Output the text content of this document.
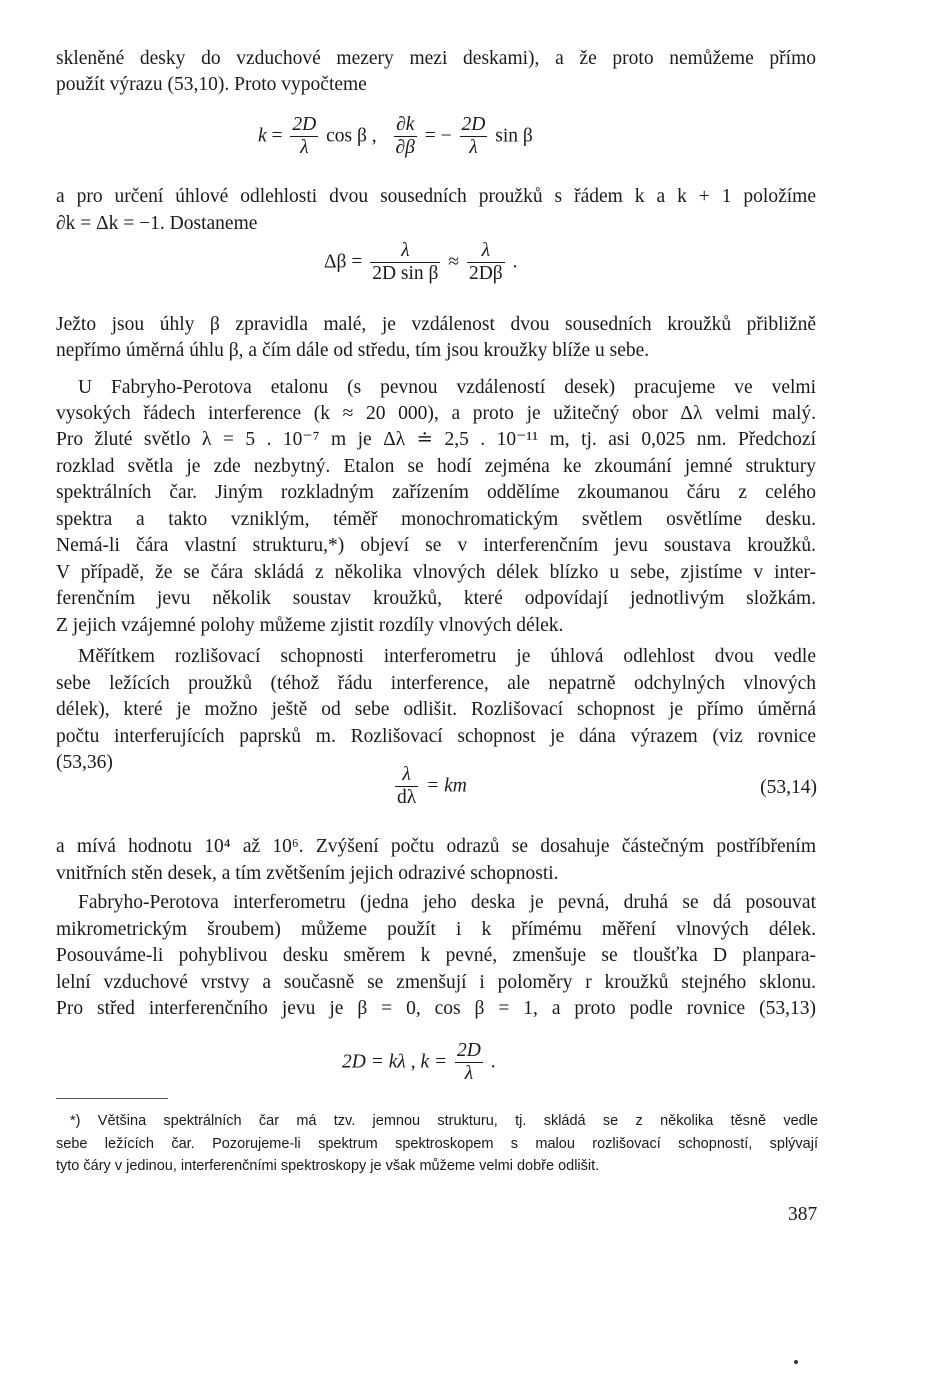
skleněné desky do vzduchové mezery mezi deskami), a že proto nemůžeme přímo
použít výrazu (53,10). Proto vypočteme
$k = \frac{2D}{\lambda}$ cos β , $\frac{\partial k}{\partial\beta}$ = − $\frac{2D}{\lambda}$ sin β
a pro určení úhlové odlehlosti dvou sousedních proužků s řádem k a k + 1 položíme
∂k = Δk = −1. Dostaneme
$\Delta\beta = \frac{\lambda}{\text{2D sin β}} \approx \frac{\lambda}{2D\beta}$ .
Ježto jsou úhly β zpravidla malé, je vzdálenost dvou sousedních kroužků přibližně
nepřímo úměrná úhlu β, a čím dále od středu, tím jsou kroužky blíže u sebe.
U Fabryho-Perotova etalonu (s pevnou vzdáleností desek) pracujeme ve velmi
vysokých řádech interference (k ≈ 20 000), a proto je užitečný obor Δλ velmi malý.
Pro žluté světlo λ = 5 . 10⁻⁷ m je Δλ ≐ 2,5 . 10⁻¹¹ m, tj. asi 0,025 nm. Předchozí
rozklad světla je zde nezbytný. Etalon se hodí zejména ke zkoumání jemné struktury
spektrálních čar. Jiným rozkladným zařízením oddělíme zkoumanou čáru z celého
spektra a takto vzniklým, téměř monochromatickým světlem osvětlíme desku.
Nemá-li čára vlastní strukturu,*) objeví se v interferenčním jevu soustava kroužků.
V případě, že se čára skládá z několika vlnových délek blízko u sebe, zjistíme v inter-
ferenčním jevu několik soustav kroužků, které odpovídají jednotlivým složkám.
Z jejich vzájemné polohy můžeme zjistit rozdíly vlnových délek.
Měřítkem rozlišovací schopnosti interferometru je úhlová odlehlost dvou vedle
sebe ležících proužků (téhož řádu interference, ale nepatrně odchylných vlnových
délek), které je možno ještě od sebe odlišit. Rozlišovací schopnost je přímo úměrná
počtu interferujících paprsků m. Rozlišovací schopnost je dána výrazem (viz rovnice
(53,36)
$\frac{\lambda}{d\lambda}$ = km	(53,14)
a mívá hodnotu 10⁴ až 10⁶. Zvýšení počtu odrazů se dosahuje částečným postříbřením
vnitřních stěn desek, a tím zvětšením jejich odrazivé schopnosti.
Fabryho-Perotova interferometru (jedna jeho deska je pevná, druhá se dá posouvat
mikrometrickým šroubem) můžeme použít i k přímému měření vlnových délek.
Posouváme-li pohyblivou desku směrem k pevné, zmenšuje se tloušťka D planpara-
lelní vzduchové vrstvy a současně se zmenšují i poloměry r kroužků stejného sklonu.
Pro střed interferenčního jevu je β = 0, cos β = 1, a proto podle rovnice (53,13)
2D = kλ , $k = \frac{2D}{\lambda}$ .
*) Většina spektrálních čar má tzv. jemnou strukturu, tj. skládá se z několika těsně vedle
sebe ležících čar. Pozorujeme-li spektrum spektroskopem s malou rozlišovací schopností, splývají
tyto čáry v jedinou, interferenčními spektroskopy je však můžeme velmi dobře odlišit.
387
